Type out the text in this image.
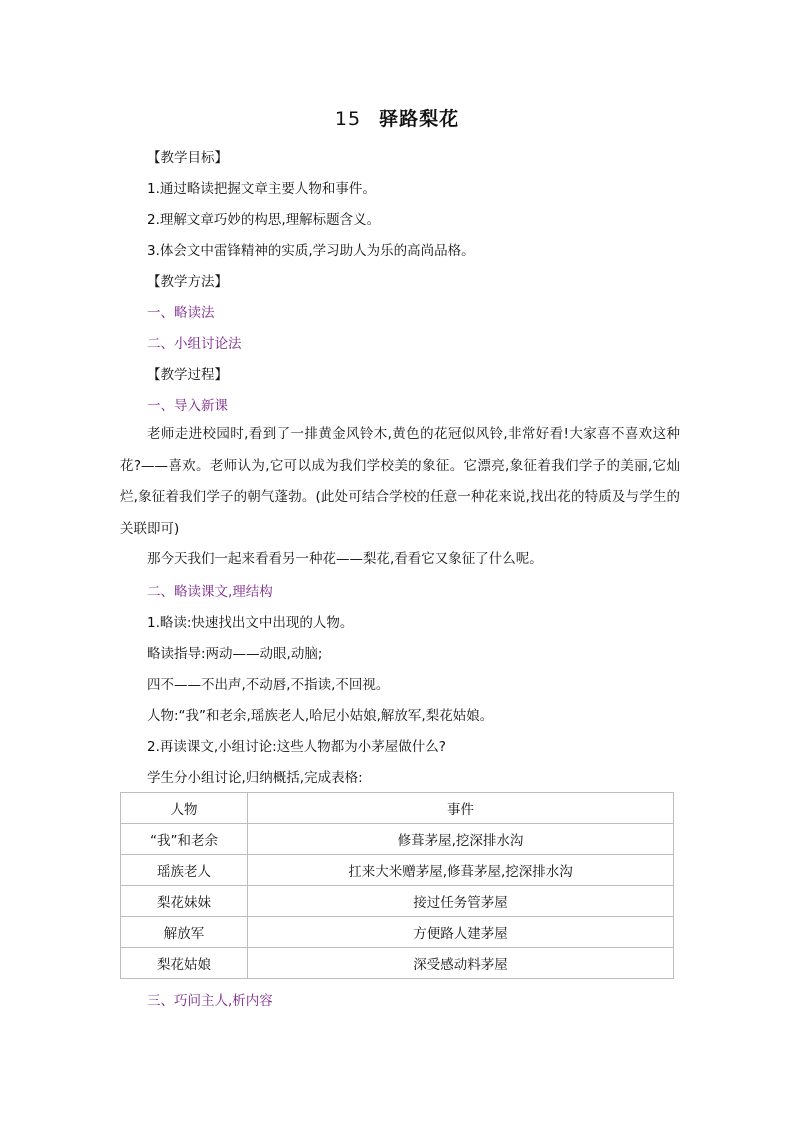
15 驿路梨花
【教学目标】
1.通过略读把握文章主要人物和事件。
2.理解文章巧妙的构思,理解标题含义。
3.体会文中雷锋精神的实质,学习助人为乐的高尚品格。
【教学方法】
一、略读法
二、小组讨论法
【教学过程】
一、导入新课
老师走进校园时,看到了一排黄金风铃木,黄色的花冠似风铃,非常好看!大家喜不喜欢这种花?——喜欢。老师认为,它可以成为我们学校美的象征。它漂亮,象征着我们学子的美丽,它灿烂,象征着我们学子的朝气蓬勃。(此处可结合学校的任意一种花来说,找出花的特质及与学生的关联即可)
那今天我们一起来看看另一种花——梨花,看看它又象征了什么呢。
二、略读课文,理结构
1.略读:快速找出文中出现的人物。
略读指导:两动——动眼,动脑;
四不——不出声,不动唇,不指读,不回视。
人物:“我”和老余,瑶族老人,哈尼小姑娘,解放军,梨花姑娘。
2.再读课文,小组讨论:这些人物都为小茅屋做什么?
学生分小组讨论,归纳概括,完成表格:
人物	事件
“我”和老余	修葺茅屋,挖深排水沟
瑶族老人	扛来大米赠茅屋,修葺茅屋,挖深排水沟
梨花妹妹	接过任务管茅屋
解放军	方便路人建茅屋
梨花姑娘	深受感动料茅屋
三、巧问主人,析内容
